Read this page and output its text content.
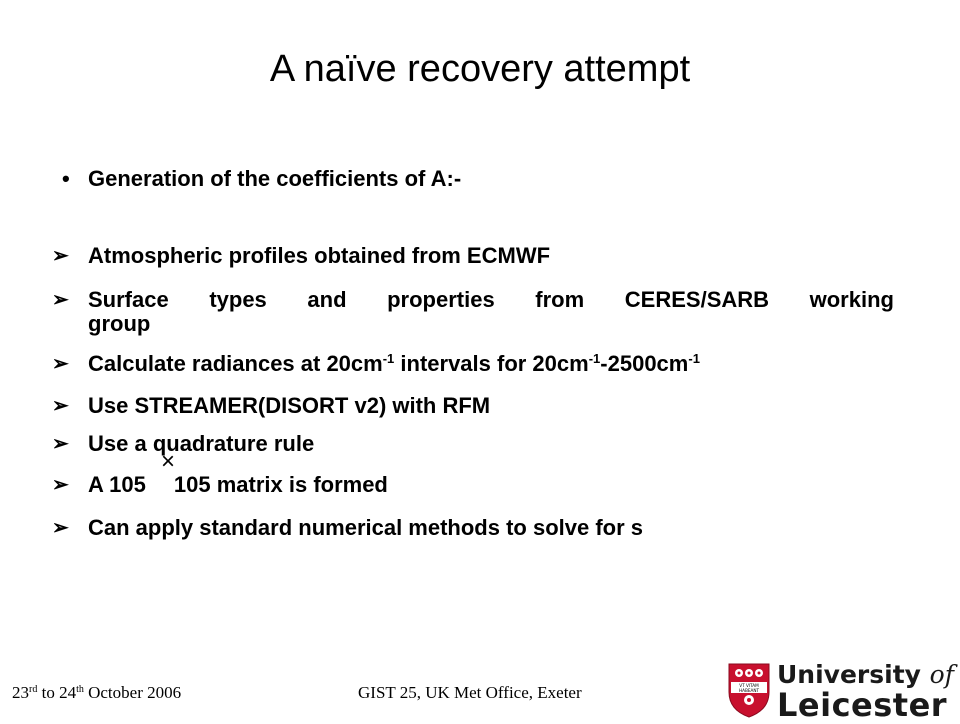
A naïve recovery attempt
• Generation of the coefficients of A:-
➢ Atmospheric profiles obtained from ECMWF
➢ Surface types and properties from CERES/SARB working
group
➢ Calculate radiances at $20cm^{-1}$ intervals for $20cm^{-1}-2500cm^{-1}$
➢ Use STREAMER(DISORT v2) with RFM
➢ Use a quadrature rule
➢ A 105 105 matrix is formed
×
➢ Can apply standard numerical methods to solve for s
23rd to 24th October 2006	GIST 25, UK Met Office, Exeter	VT VITAM
HABEANT
University of
Leicester
